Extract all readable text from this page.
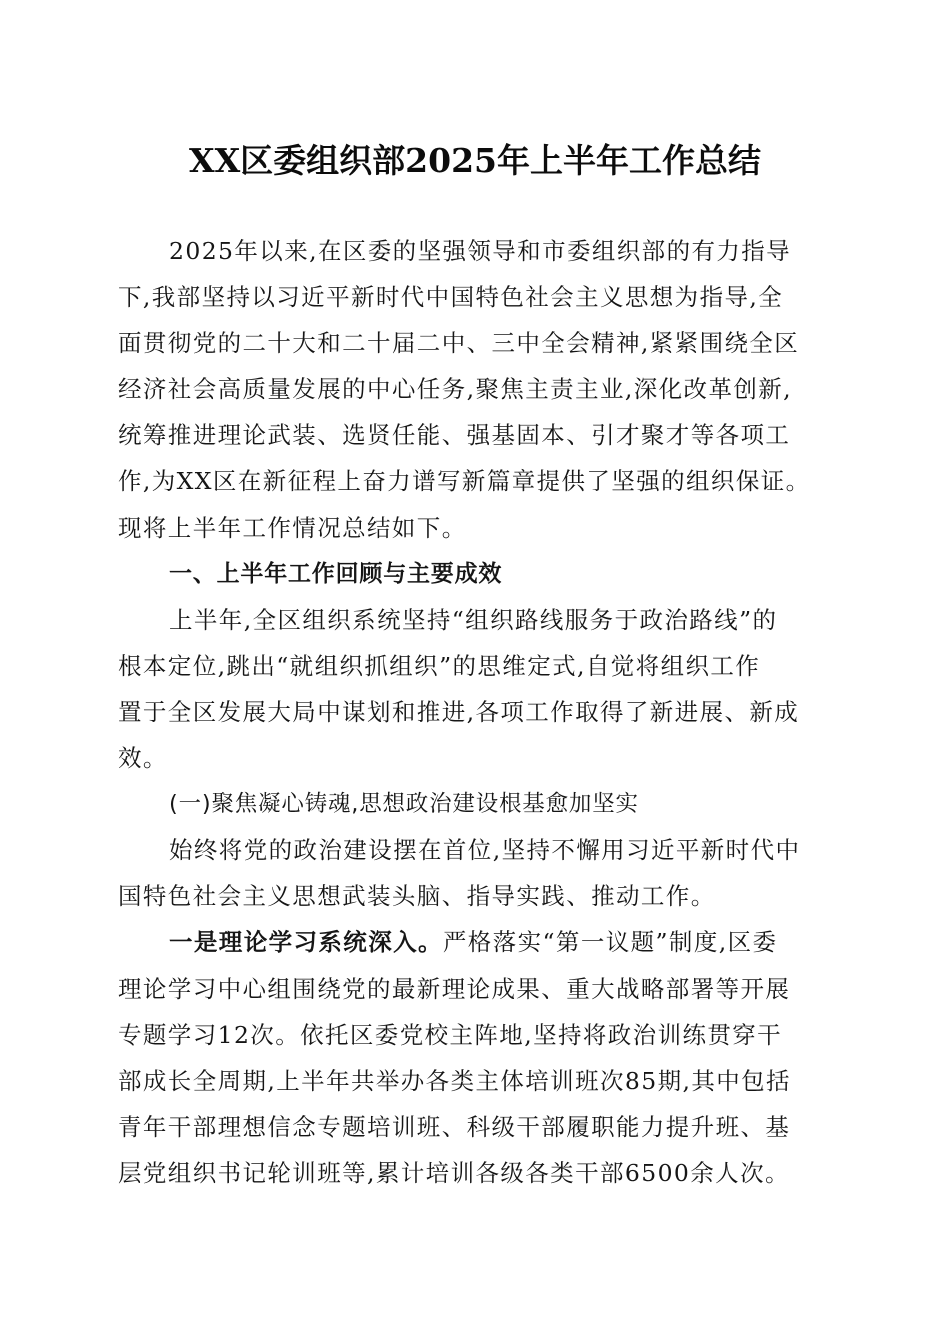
XX区委组织部2025年上半年工作总结
2025年以来,在区委的坚强领导和市委组织部的有力指导
下,我部坚持以习近平新时代中国特色社会主义思想为指导,全
面贯彻党的二十大和二十届二中、三中全会精神,紧紧围绕全区
经济社会高质量发展的中心任务,聚焦主责主业,深化改革创新,
统筹推进理论武装、选贤任能、强基固本、引才聚才等各项工
作,为XX区在新征程上奋力谱写新篇章提供了坚强的组织保证。
现将上半年工作情况总结如下。
一、上半年工作回顾与主要成效
上半年,全区组织系统坚持“组织路线服务于政治路线”的
根本定位,跳出“就组织抓组织”的思维定式,自觉将组织工作
置于全区发展大局中谋划和推进,各项工作取得了新进展、新成
效。
(一)聚焦凝心铸魂,思想政治建设根基愈加坚实
始终将党的政治建设摆在首位,坚持不懈用习近平新时代中
国特色社会主义思想武装头脑、指导实践、推动工作。
一是理论学习系统深入。严格落实“第一议题”制度,区委
理论学习中心组围绕党的最新理论成果、重大战略部署等开展
专题学习12次。依托区委党校主阵地,坚持将政治训练贯穿干
部成长全周期,上半年共举办各类主体培训班次85期,其中包括
青年干部理想信念专题培训班、科级干部履职能力提升班、基
层党组织书记轮训班等,累计培训各级各类干部6500余人次。
